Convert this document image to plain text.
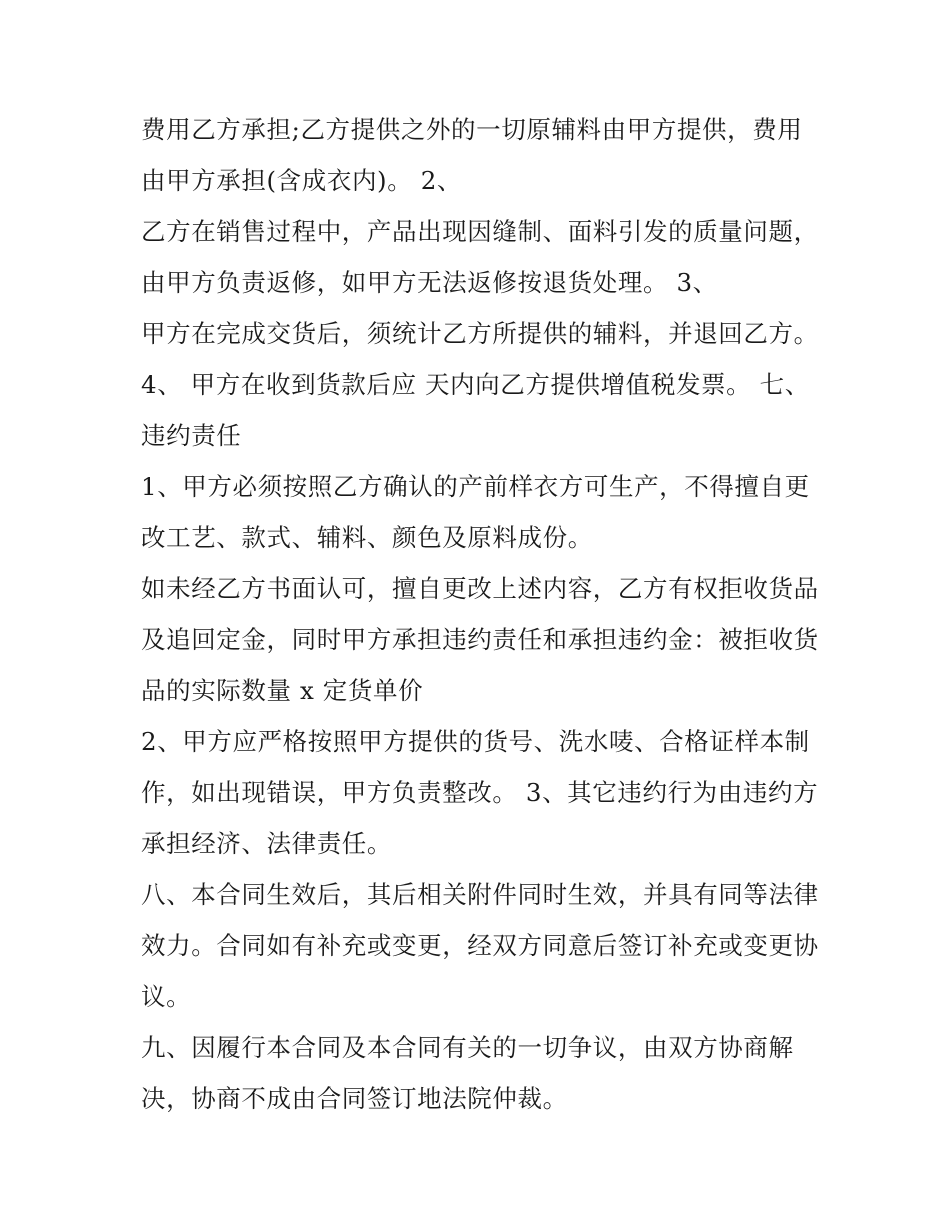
费用乙方承担;乙方提供之外的一切原辅料由甲方提供，费用
由甲方承担(含成衣内)。 2、
乙方在销售过程中，产品出现因缝制、面料引发的质量问题，
由甲方负责返修，如甲方无法返修按退货处理。 3、
甲方在完成交货后，须统计乙方所提供的辅料，并退回乙方。
4、 甲方在收到货款后应 天内向乙方提供增值税发票。 七、
违约责任
1、甲方必须按照乙方确认的产前样衣方可生产，不得擅自更
改工艺、款式、辅料、颜色及原料成份。
如未经乙方书面认可，擅自更改上述内容，乙方有权拒收货品
及追回定金，同时甲方承担违约责任和承担违约金：被拒收货
品的实际数量 x 定货单价
2、甲方应严格按照甲方提供的货号、洗水唛、合格证样本制
作，如出现错误，甲方负责整改。 3、其它违约行为由违约方
承担经济、法律责任。
八、本合同生效后，其后相关附件同时生效，并具有同等法律
效力。合同如有补充或变更，经双方同意后签订补充或变更协
议。
九、因履行本合同及本合同有关的一切争议，由双方协商解
决，协商不成由合同签订地法院仲裁。
